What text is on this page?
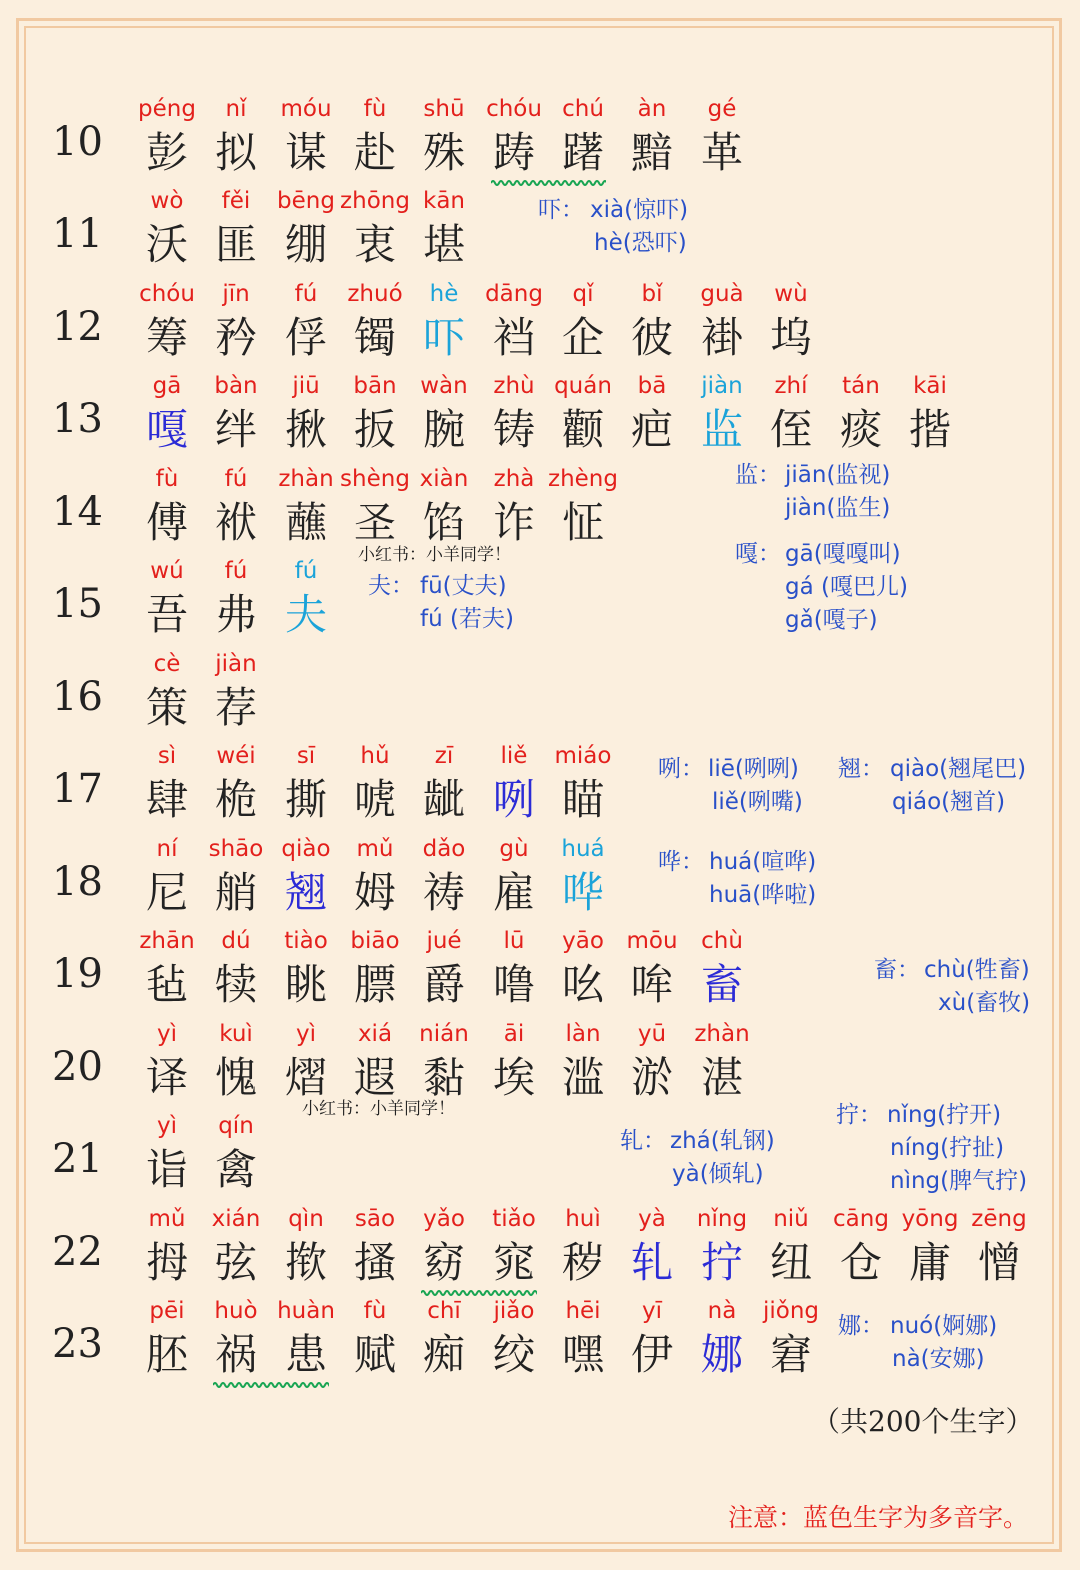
10
péng
彭
nǐ
拟
móu
谋
fù
赴
shū
殊
chóu
踌
chú
躇
àn
黯
gé
革
11
wò
沃
fěi
匪
bēng
绷
zhōng
衷
kān
堪
12
chóu
筹
jīn
矜
fú
俘
zhuó
镯
hè
吓
dāng
裆
qǐ
企
bǐ
彼
guà
褂
wù
坞
13
gā
嘎
bàn
绊
jiū
揪
bān
扳
wàn
腕
zhù
铸
quán
颧
bā
疤
jiàn
监
zhí
侄
tán
痰
kāi
揩
14
fù
傅
fú
袱
zhàn
蘸
shèng
圣
xiàn
馅
zhà
诈
zhèng
怔
15
wú
吾
fú
弗
fú
夫
16
cè
策
jiàn
荐
17
sì
肆
wéi
桅
sī
撕
hǔ
唬
zī
龇
liě
咧
miáo
瞄
18
ní
尼
shāo
艄
qiào
翘
mǔ
姆
dǎo
祷
gù
雇
huá
哗
19
zhān
毡
dú
犊
tiào
眺
biāo
膘
jué
爵
lū
噜
yāo
吆
mōu
哞
chù
畜
20
yì
译
kuì
愧
yì
熠
xiá
遐
nián
黏
āi
埃
làn
滥
yū
淤
zhàn
湛
21
yì
诣
qín
禽
22
mǔ
拇
xián
弦
qìn
揿
sāo
搔
yǎo
窈
tiǎo
窕
huì
秽
yà
轧
nǐng
拧
niǔ
纽
cāng
仓
yōng
庸
zēng
憎
23
pēi
胚
huò
祸
huàn
患
fù
赋
chī
痴
jiǎo
绞
hēi
嘿
yī
伊
nà
娜
jiǒng
窘
吓： xià(惊吓)
hè(恐吓)
监： jiān(监视)
jiàn(监生)
嘎： gā(嘎嘎叫)
gá (嘎巴儿)
gǎ(嘎子)
夫： fū(丈夫)
fú (若夫)
咧： liē(咧咧)
liě(咧嘴)
翘： qiào(翘尾巴)
qiáo(翘首)
哗： huá(喧哗)
huā(哗啦)
畜： chù(牲畜)
xù(畜牧)
拧： nǐng(拧开)
níng(拧扯)
nìng(脾气拧)
轧： zhá(轧钢)
yà(倾轧)
娜： nuó(婀娜)
nà(安娜)
小红书：小羊同学！
小红书：小羊同学！
（共200个生字）
注意：蓝色生字为多音字。
